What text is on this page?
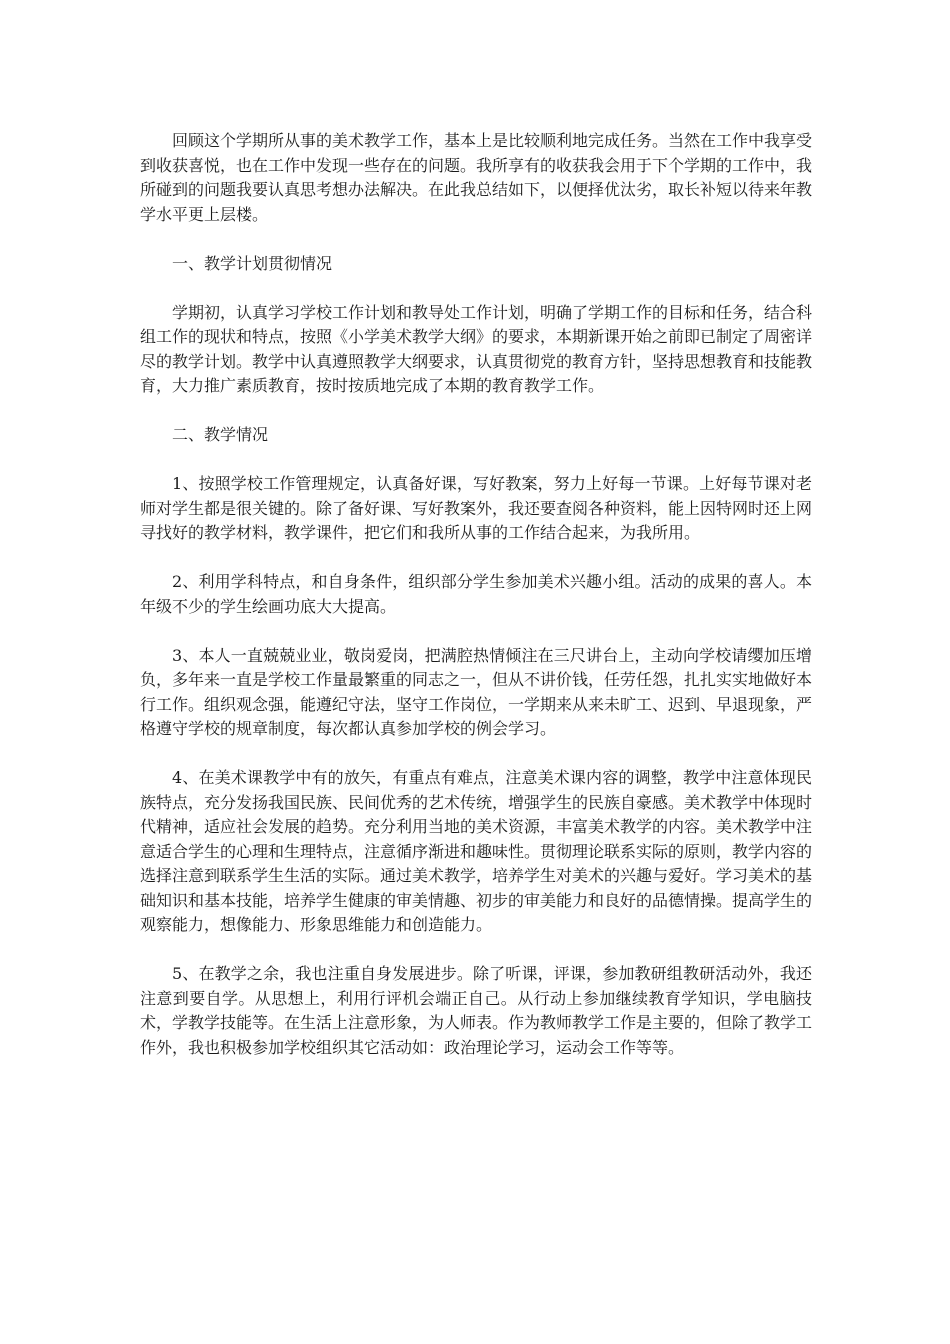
回顾这个学期所从事的美术教学工作，基本上是比较顺利地完成任务。当然在工作中我享受到收获喜悦，也在工作中发现一些存在的问题。我所享有的收获我会用于下个学期的工作中，我所碰到的问题我要认真思考想办法解决。在此我总结如下，以便择优汰劣，取长补短以待来年教学水平更上层楼。

一、教学计划贯彻情况

学期初，认真学习学校工作计划和教导处工作计划，明确了学期工作的目标和任务，结合科组工作的现状和特点，按照《小学美术教学大纲》的要求，本期新课开始之前即已制定了周密详尽的教学计划。教学中认真遵照教学大纲要求，认真贯彻党的教育方针，坚持思想教育和技能教育，大力推广素质教育，按时按质地完成了本期的教育教学工作。

二、教学情况

1、按照学校工作管理规定，认真备好课，写好教案，努力上好每一节课。上好每节课对老师对学生都是很关键的。除了备好课、写好教案外，我还要查阅各种资料，能上因特网时还上网寻找好的教学材料，教学课件，把它们和我所从事的工作结合起来，为我所用。

2、利用学科特点，和自身条件，组织部分学生参加美术兴趣小组。活动的成果的喜人。本年级不少的学生绘画功底大大提高。

3、本人一直兢兢业业，敬岗爱岗，把满腔热情倾注在三尺讲台上，主动向学校请缨加压增负，多年来一直是学校工作量最繁重的同志之一，但从不讲价钱，任劳任怨，扎扎实实地做好本行工作。组织观念强，能遵纪守法，坚守工作岗位，一学期来从来未旷工、迟到、早退现象，严格遵守学校的规章制度，每次都认真参加学校的例会学习。

4、在美术课教学中有的放矢，有重点有难点，注意美术课内容的调整，教学中注意体现民族特点，充分发扬我国民族、民间优秀的艺术传统，增强学生的民族自豪感。美术教学中体现时代精神，适应社会发展的趋势。充分利用当地的美术资源，丰富美术教学的内容。美术教学中注意适合学生的心理和生理特点，注意循序渐进和趣味性。贯彻理论联系实际的原则，教学内容的选择注意到联系学生生活的实际。通过美术教学，培养学生对美术的兴趣与爱好。学习美术的基础知识和基本技能，培养学生健康的审美情趣、初步的审美能力和良好的品德情操。提高学生的观察能力，想像能力、形象思维能力和创造能力。

5、在教学之余，我也注重自身发展进步。除了听课，评课，参加教研组教研活动外，我还注意到要自学。从思想上，利用行评机会端正自己。从行动上参加继续教育学知识，学电脑技术，学教学技能等。在生活上注意形象，为人师表。作为教师教学工作是主要的，但除了教学工作外，我也积极参加学校组织其它活动如：政治理论学习，运动会工作等等。
